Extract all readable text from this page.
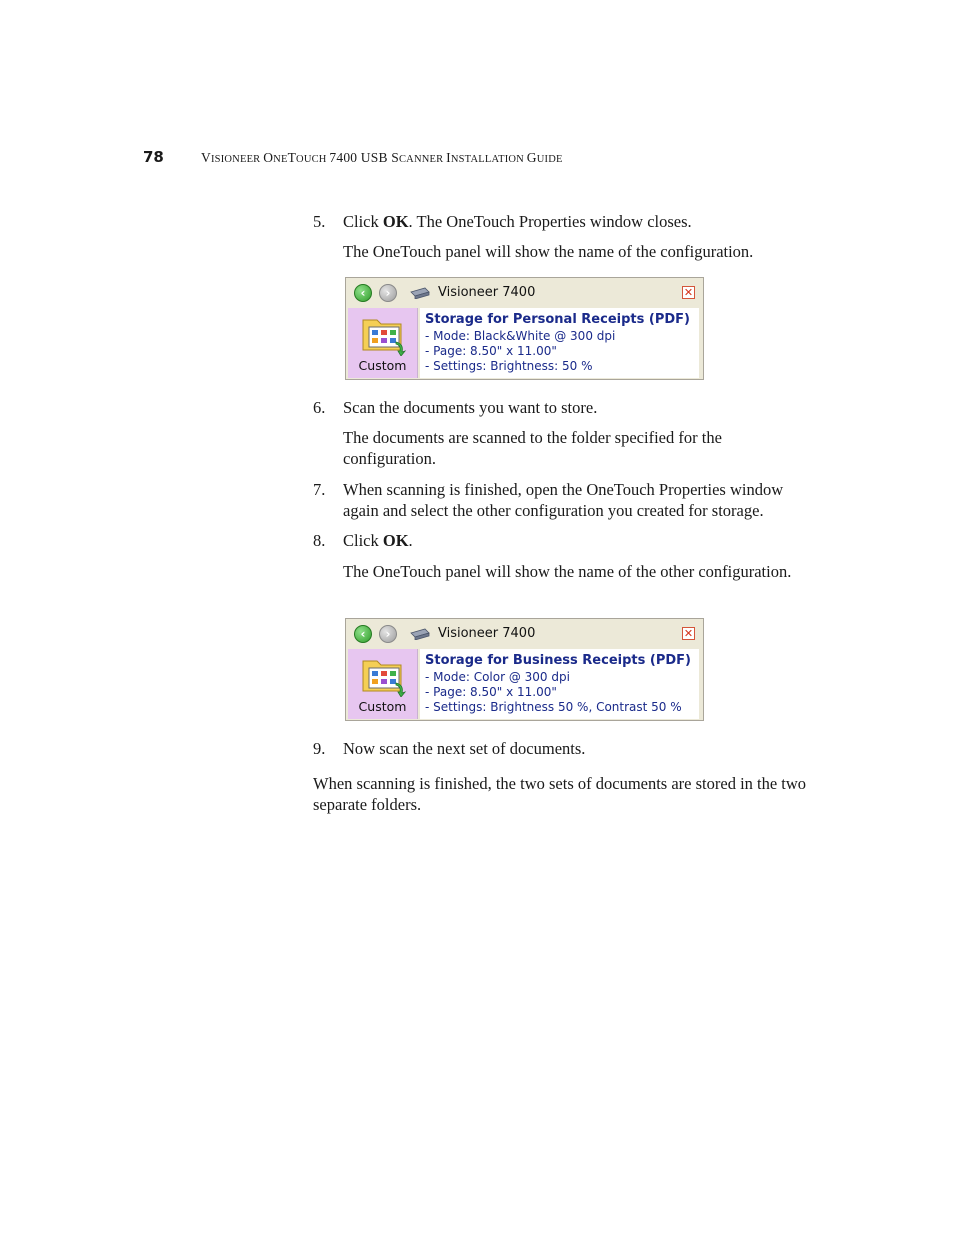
78	VISIONEER ONETOUCH 7400 USB SCANNER INSTALLATION GUIDE
5.	Click OK. The OneTouch Properties window closes.
The OneTouch panel will show the name of the configuration.
‹	›	Visioneer 7400	✕
Custom
Storage for Personal Receipts (PDF)
- Mode: Black&White @ 300 dpi
- Page: 8.50" x 11.00"
- Settings: Brightness: 50 %
6.	Scan the documents you want to store.
The documents are scanned to the folder specified for the configuration.
7.	When scanning is finished, open the OneTouch Properties window again and select the other configuration you created for storage.
8.	Click OK.
The OneTouch panel will show the name of the other configuration.
‹	›	Visioneer 7400	✕
Custom
Storage for Business Receipts (PDF)
- Mode: Color @ 300 dpi
- Page: 8.50" x 11.00"
- Settings: Brightness 50 %, Contrast 50 %
9.	Now scan the next set of documents.
When scanning is finished, the two sets of documents are stored in the two separate folders.
